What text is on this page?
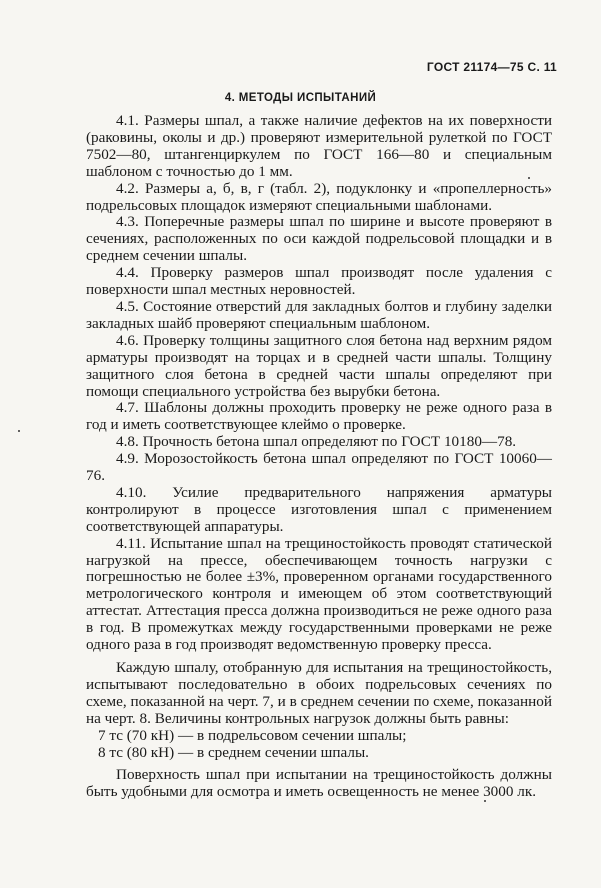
ГОСТ 21174—75 С. 11
4. МЕТОДЫ ИСПЫТАНИЙ

4.1. Размеры шпал, а также наличие дефектов на их поверхности (раковины, околы и др.) проверяют измерительной рулеткой по ГОСТ 7502—80, штангенциркулем по ГОСТ 166—80 и специальным шаблоном с точностью до 1 мм.

4.2. Размеры а, б, в, г (табл. 2), подуклонку и «пропеллерность» подрельсовых площадок измеряют специальными шаблонами.

4.3. Поперечные размеры шпал по ширине и высоте проверяют в сечениях, расположенных по оси каждой подрельсовой площадки и в среднем сечении шпалы.

4.4. Проверку размеров шпал производят после удаления с поверхности шпал местных неровностей.

4.5. Состояние отверстий для закладных болтов и глубину заделки закладных шайб проверяют специальным шаблоном.

4.6. Проверку толщины защитного слоя бетона над верхним рядом арматуры производят на торцах и в средней части шпалы. Толщину защитного слоя бетона в средней части шпалы определяют при помощи специального устройства без вырубки бетона.

4.7. Шаблоны должны проходить проверку не реже одного раза в год и иметь соответствующее клеймо о проверке.

4.8. Прочность бетона шпал определяют по ГОСТ 10180—78.

4.9. Морозостойкость бетона шпал определяют по ГОСТ 10060—76.

4.10. Усилие предварительного напряжения арматуры контролируют в процессе изготовления шпал с применением соответствующей аппаратуры.

4.11. Испытание шпал на трещиностойкость проводят статической нагрузкой на прессе, обеспечивающем точность нагрузки с погрешностью не более ±3%, проверенном органами государственного метрологического контроля и имеющем об этом соответствующий аттестат. Аттестация пресса должна производиться не реже одного раза в год. В промежутках между государственными проверками не реже одного раза в год производят ведомственную проверку пресса.

Каждую шпалу, отобранную для испытания на трещиностойкость, испытывают последовательно в обоих подрельсовых сечениях по схеме, показанной на черт. 7, и в среднем сечении по схеме, показанной на черт. 8. Величины контрольных нагрузок должны быть равны:

7 тс (70 кН) — в подрельсовом сечении шпалы;

8 тс (80 кН) — в среднем сечении шпалы.

Поверхность шпал при испытании на трещиностойкость должны быть удобными для осмотра и иметь освещенность не менее 3000 лк.
